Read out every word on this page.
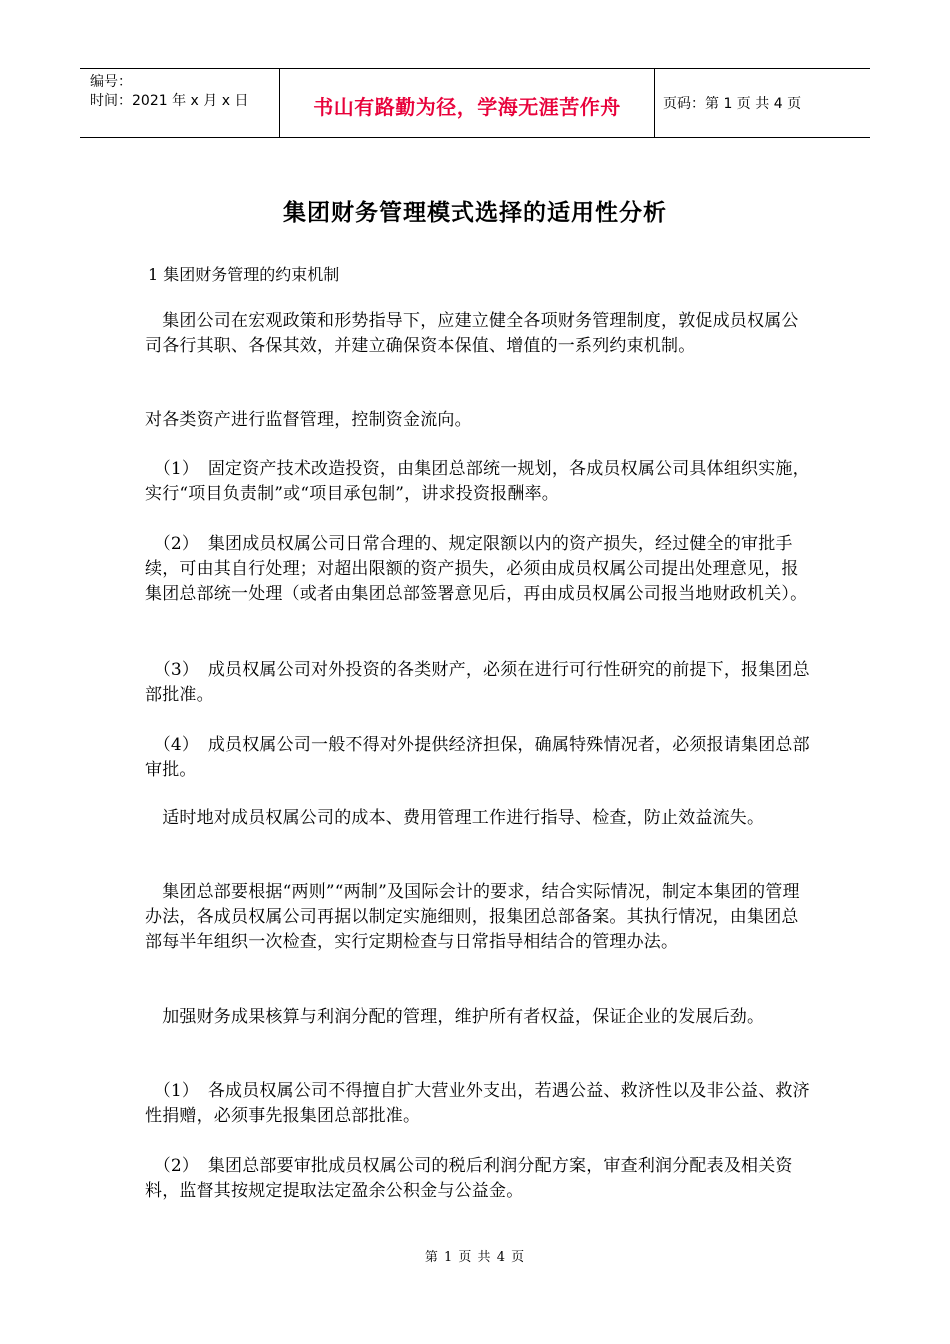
编号：
时间：2021 年 x 月 x 日	书山有路勤为径，学海无涯苦作舟	页码：第 1 页 共 4 页
集团财务管理模式选择的适用性分析
1 集团财务管理的约束机制
　集团公司在宏观政策和形势指导下，应建立健全各项财务管理制度，敦促成员权属公司各行其职、各保其效，并建立确保资本保值、增值的一系列约束机制。
对各类资产进行监督管理，控制资金流向。
　（1）　固定资产技术改造投资，由集团总部统一规划，各成员权属公司具体组织实施，实行“项目负责制”或“项目承包制”，讲求投资报酬率。
　（2）　集团成员权属公司日常合理的、规定限额以内的资产损失，经过健全的审批手续，可由其自行处理；对超出限额的资产损失，必须由成员权属公司提出处理意见，报集团总部统一处理（或者由集团总部签署意见后，再由成员权属公司报当地财政机关）。
　（3）　成员权属公司对外投资的各类财产，必须在进行可行性研究的前提下，报集团总部批准。
　（4）　成员权属公司一般不得对外提供经济担保，确属特殊情况者，必须报请集团总部审批。
　适时地对成员权属公司的成本、费用管理工作进行指导、检查，防止效益流失。
　集团总部要根据“两则”“两制”及国际会计的要求，结合实际情况，制定本集团的管理办法，各成员权属公司再据以制定实施细则，报集团总部备案。其执行情况，由集团总部每半年组织一次检查，实行定期检查与日常指导相结合的管理办法。
　加强财务成果核算与利润分配的管理，维护所有者权益，保证企业的发展后劲。
　（1）　各成员权属公司不得擅自扩大营业外支出，若遇公益、救济性以及非公益、救济性捐赠，必须事先报集团总部批准。
　（2）　集团总部要审批成员权属公司的税后利润分配方案，审查利润分配表及相关资料，监督其按规定提取法定盈余公积金与公益金。
第 1 页 共 4 页
